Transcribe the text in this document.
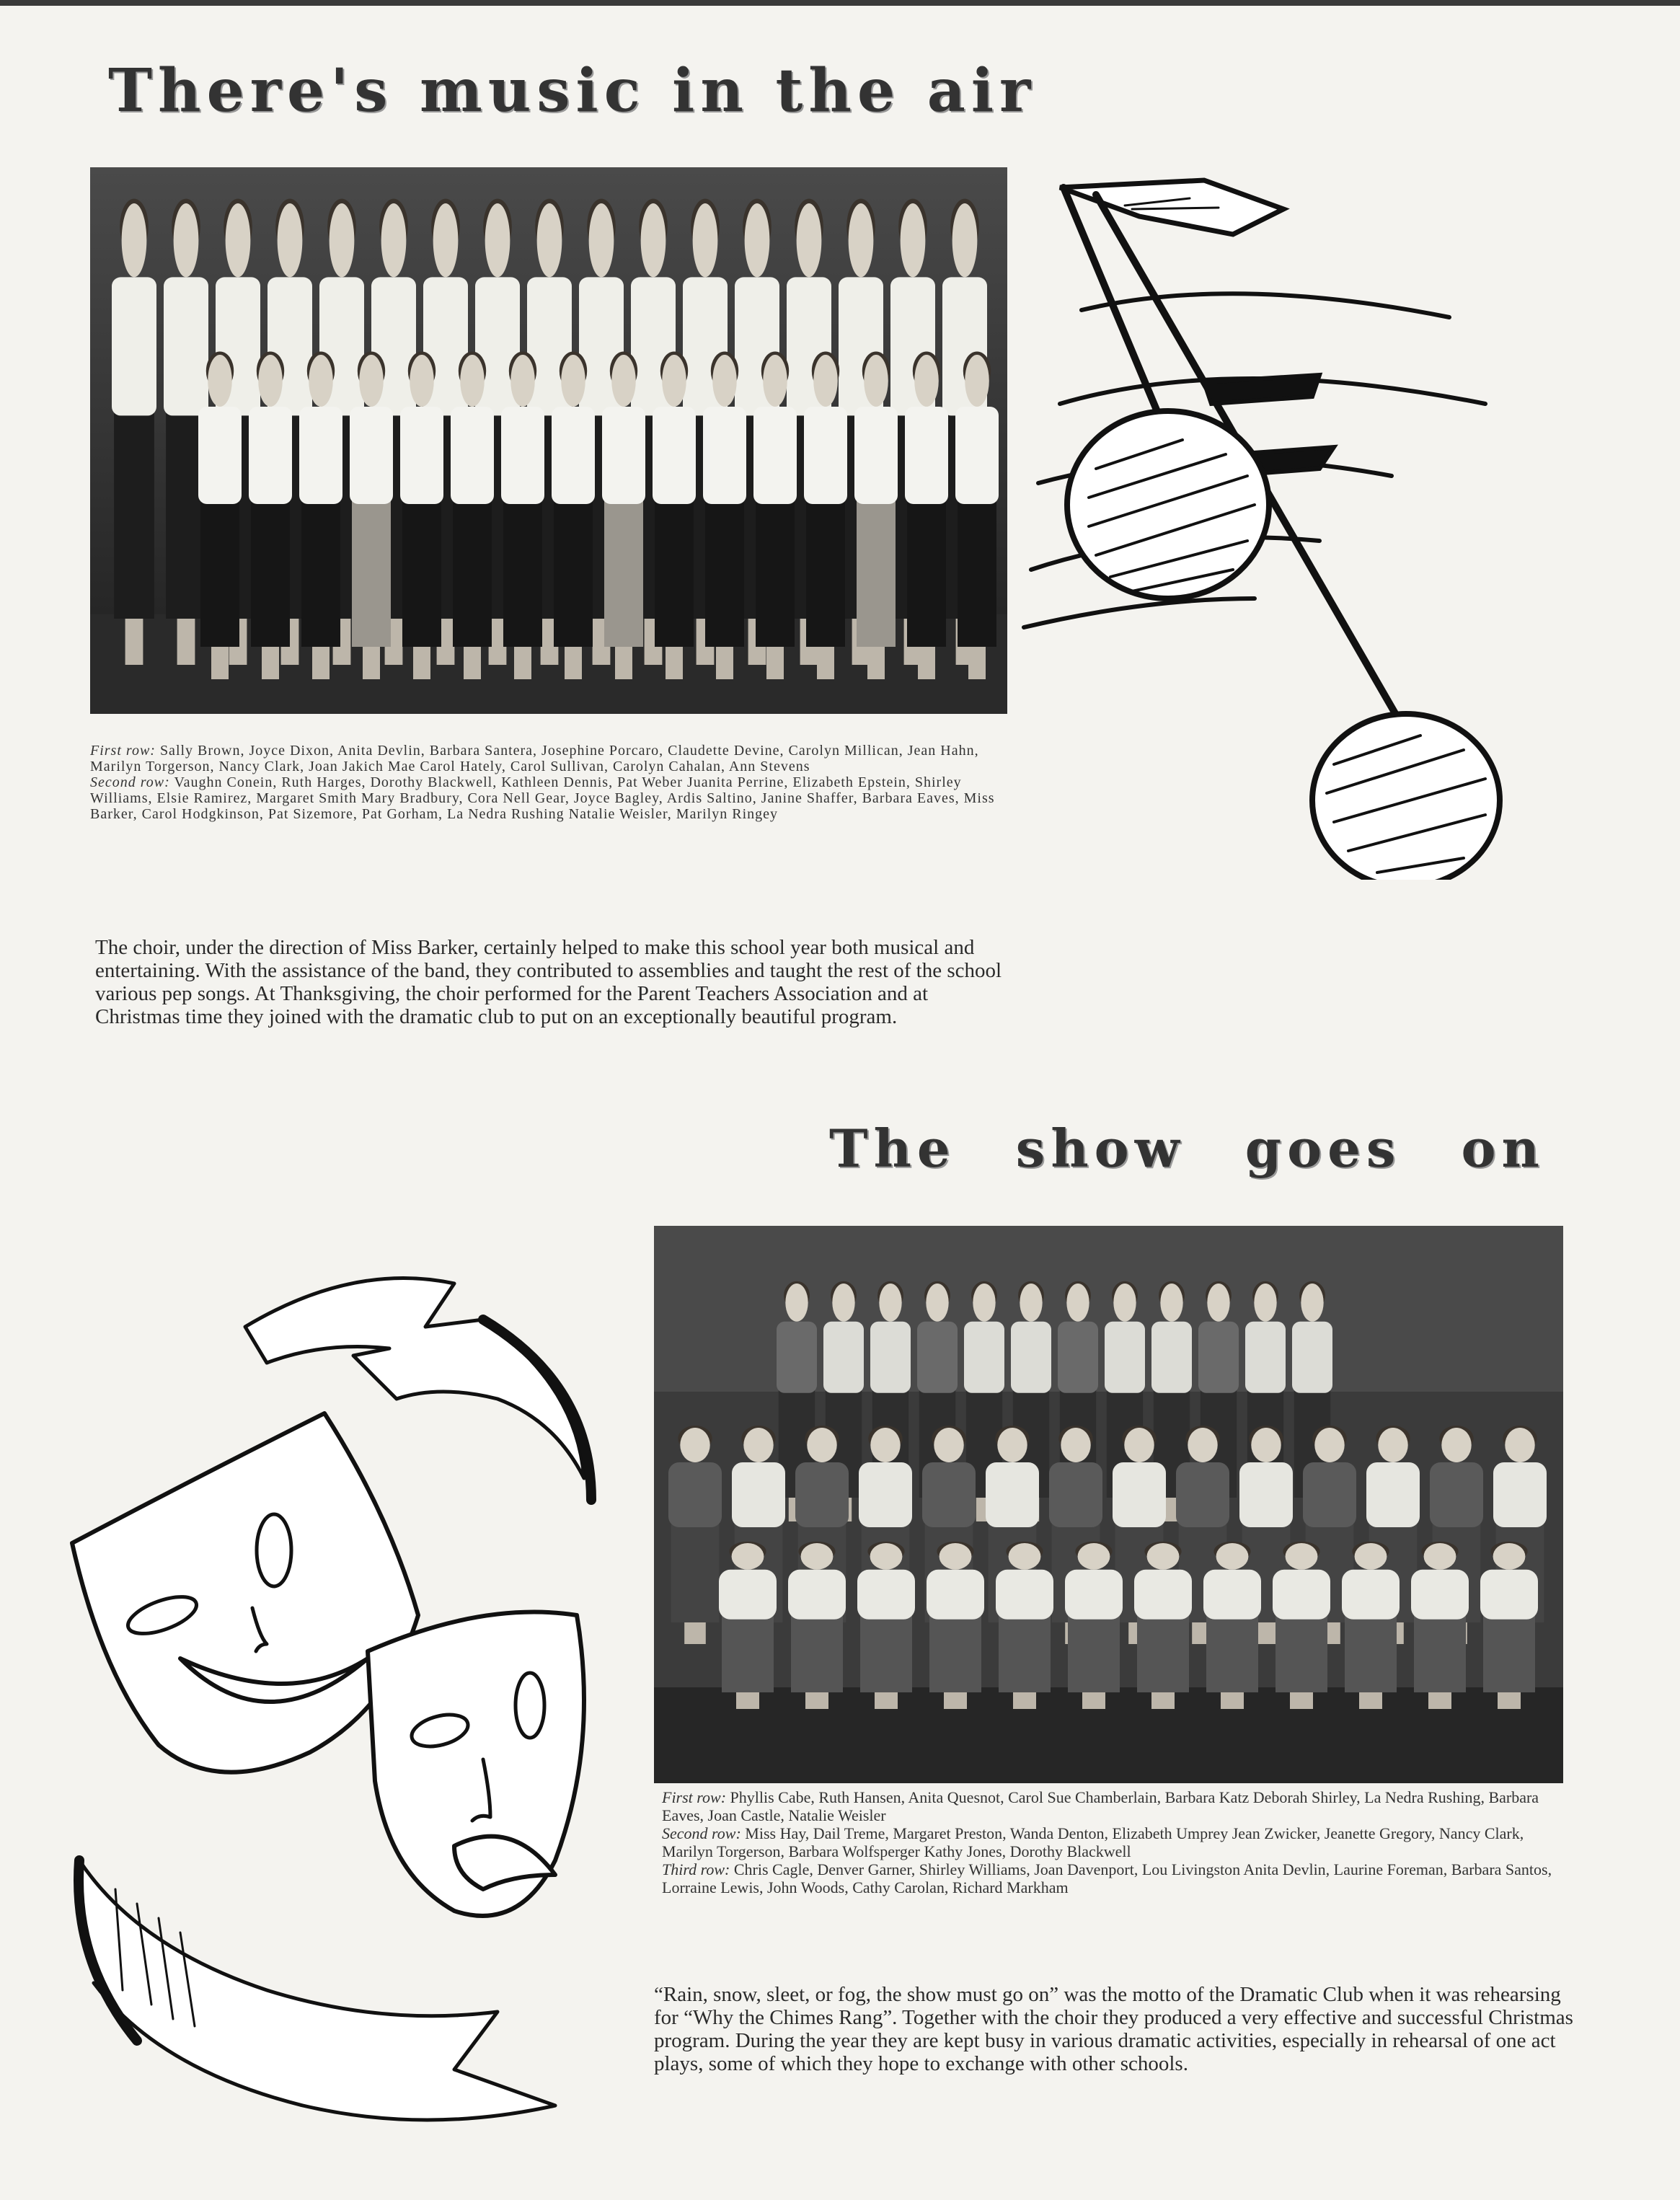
There's music in the air

First row: Sally Brown, Joyce Dixon, Anita Devlin, Barbara Santera, Josephine Porcaro, Claudette Devine, Carolyn Millican, Jean Hahn, Marilyn Torgerson, Nancy Clark, Joan Jakich Mae Carol Hately, Carol Sullivan, Carolyn Cahalan, Ann Stevens

Second row: Vaughn Conein, Ruth Harges, Dorothy Blackwell, Kathleen Dennis, Pat Weber Juanita Perrine, Elizabeth Epstein, Shirley Williams, Elsie Ramirez, Margaret Smith Mary Bradbury, Cora Nell Gear, Joyce Bagley, Ardis Saltino, Janine Shaffer, Barbara Eaves, Miss Barker, Carol Hodgkinson, Pat Sizemore, Pat Gorham, La Nedra Rushing Natalie Weisler, Marilyn Ringey

The choir, under the direction of Miss Barker, certainly helped to make this school year both musical and entertaining. With the assistance of the band, they contributed to assemblies and taught the rest of the school various pep songs. At Thanksgiving, the choir performed for the Parent Teachers Association and at Christmas time they joined with the dramatic club to put on an exceptionally beautiful program.

The show goes on

First row: Phyllis Cabe, Ruth Hansen, Anita Quesnot, Carol Sue Chamberlain, Barbara Katz Deborah Shirley, La Nedra Rushing, Barbara Eaves, Joan Castle, Natalie Weisler

Second row: Miss Hay, Dail Treme, Margaret Preston, Wanda Denton, Elizabeth Umprey Jean Zwicker, Jeanette Gregory, Nancy Clark, Marilyn Torgerson, Barbara Wolfsperger Kathy Jones, Dorothy Blackwell

Third row: Chris Cagle, Denver Garner, Shirley Williams, Joan Davenport, Lou Livingston Anita Devlin, Laurine Foreman, Barbara Santos, Lorraine Lewis, John Woods, Cathy Carolan, Richard Markham

“Rain, snow, sleet, or fog, the show must go on” was the motto of the Dramatic Club when it was rehearsing for “Why the Chimes Rang”. Together with the choir they produced a very effective and successful Christmas program. During the year they are kept busy in various dramatic activities, especially in rehearsal of one act plays, some of which they hope to exchange with other schools.
